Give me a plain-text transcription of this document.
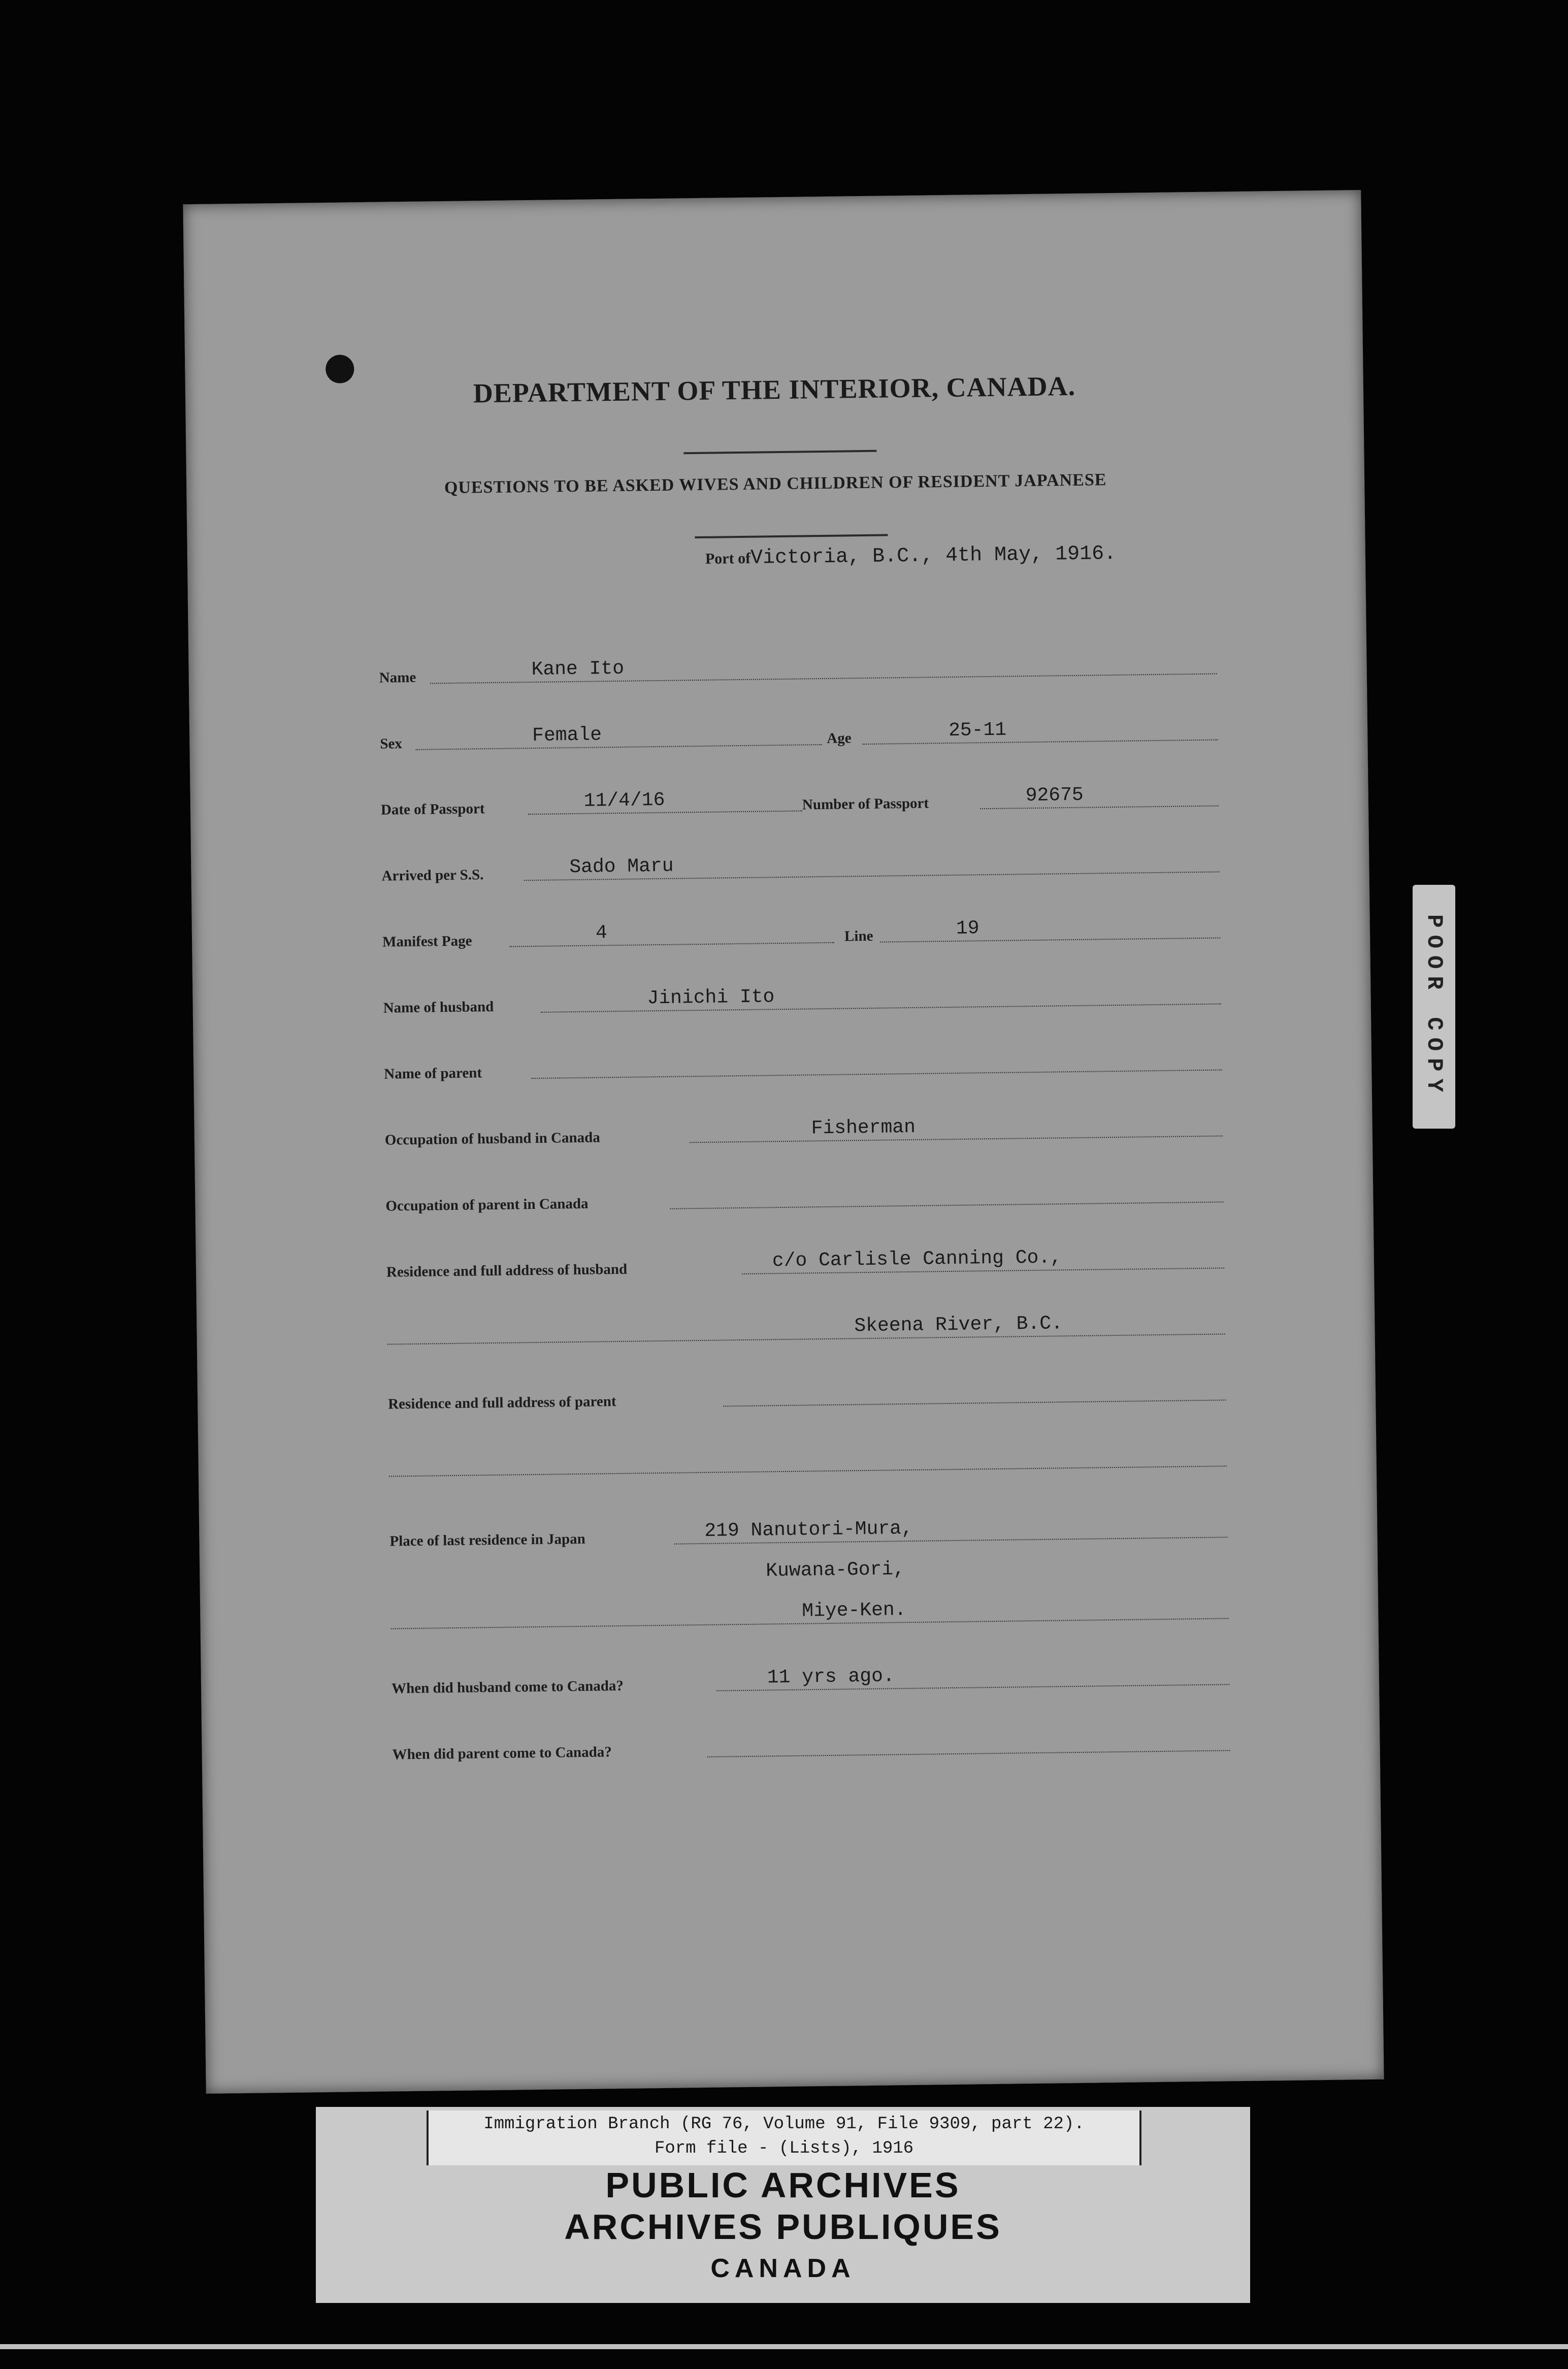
DEPARTMENT OF THE INTERIOR, CANADA.
QUESTIONS TO BE ASKED WIVES AND CHILDREN OF RESIDENT JAPANESE
Port ofVictoria, B.C., 4th May, 1916.
Name	Kane Ito
Sex	Female	Age	25-11
Date of Passport	11/4/16	Number of Passport	92675
Arrived per S.S.	Sado Maru
Manifest Page	4	Line	19
Name of husband	Jinichi Ito
Name of parent
Occupation of husband in Canada	Fisherman
Occupation of parent in Canada
Residence and full address of husband	c/o Carlisle Canning Co.,
Skeena River, B.C.
Residence and full address of parent
Place of last residence in Japan	219 Nanutori-Mura,
Kuwana-Gori,
Miye-Ken.
When did husband come to Canada?	11 yrs ago.
When did parent come to Canada?
POOR COPY
Immigration Branch (RG 76, Volume 91, File 9309, part 22).
Form file - (Lists), 1916
PUBLIC ARCHIVES
ARCHIVES PUBLIQUES
CANADA
